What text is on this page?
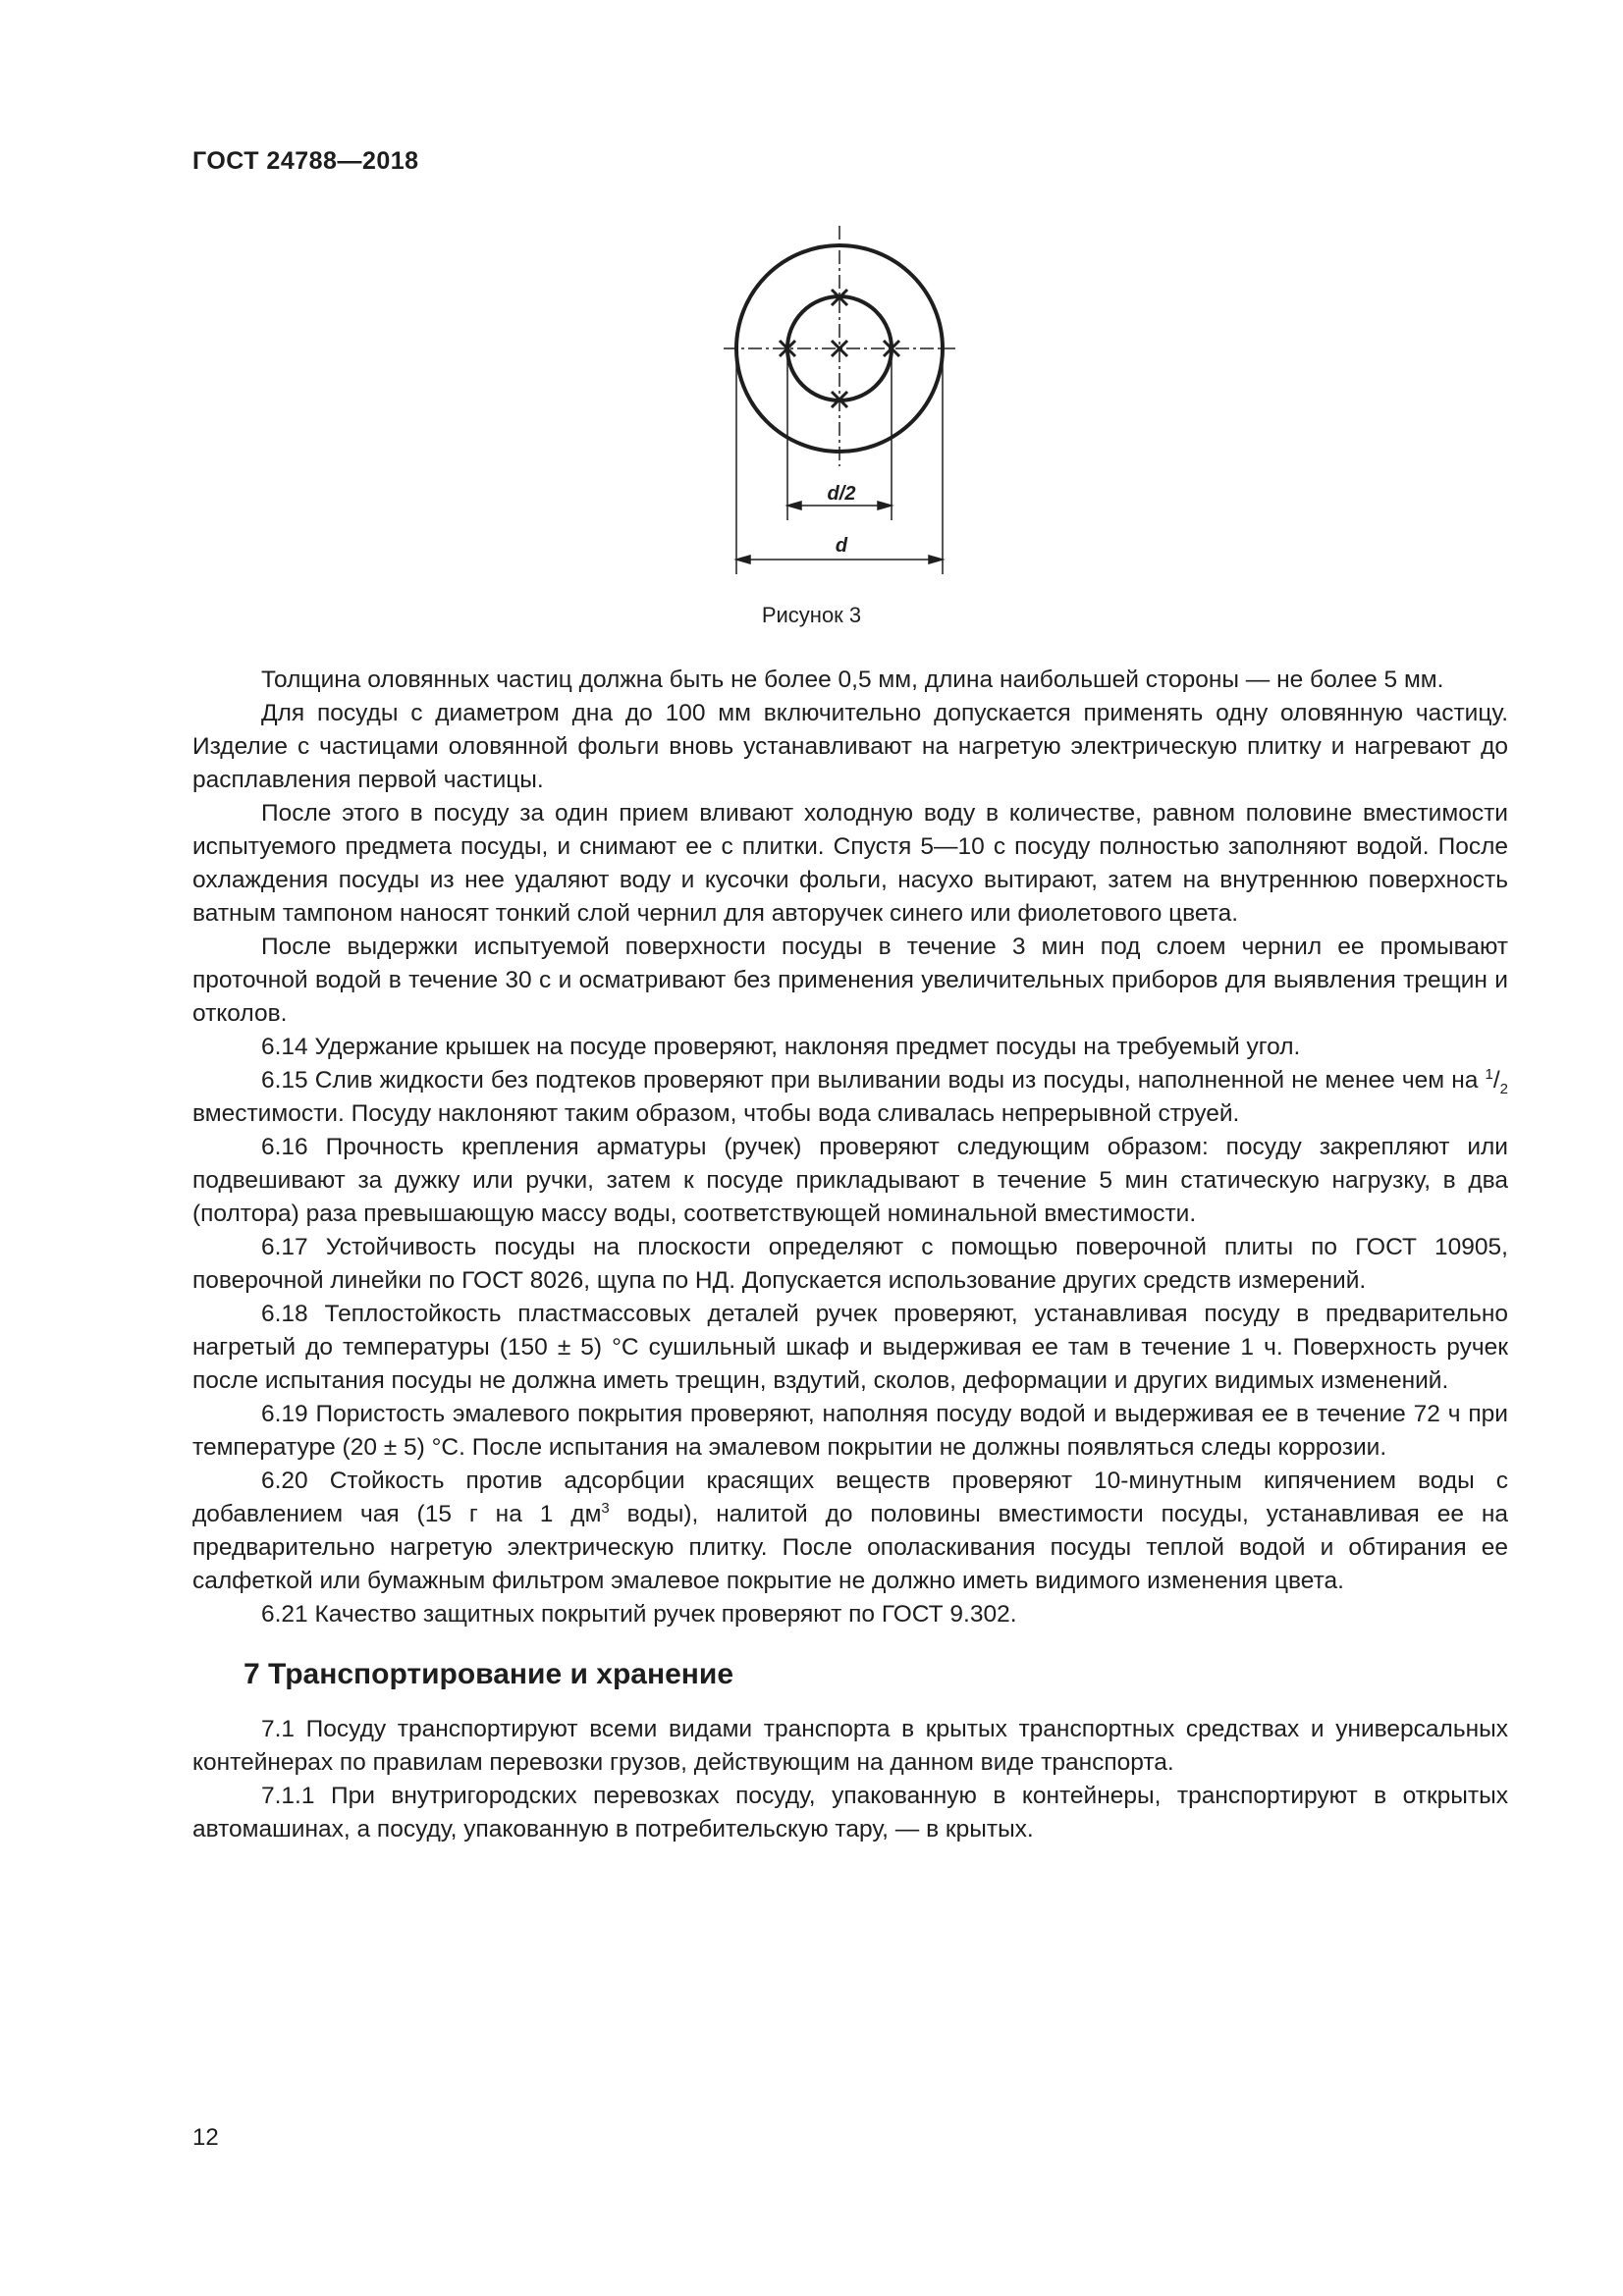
ГОСТ 24788—2018
d/2
d
Рисунок 3

Толщина оловянных частиц должна быть не более 0,5 мм, длина наибольшей стороны — не более 5 мм.

Для посуды с диаметром дна до 100 мм включительно допускается применять одну оловянную частицу. Изделие с частицами оловянной фольги вновь устанавливают на нагретую электрическую плитку и нагревают до расплавления первой частицы.

После этого в посуду за один прием вливают холодную воду в количестве, равном половине вместимости испытуемого предмета посуды, и снимают ее с плитки. Спустя 5—10 с посуду полностью заполняют водой. После охлаждения посуды из нее удаляют воду и кусочки фольги, насухо вытирают, затем на внутреннюю поверхность ватным тампоном наносят тонкий слой чернил для авторучек синего или фиолетового цвета.

После выдержки испытуемой поверхности посуды в течение 3 мин под слоем чернил ее промывают проточной водой в течение 30 с и осматривают без применения увеличительных приборов для выявления трещин и отколов.

6.14 Удержание крышек на посуде проверяют, наклоняя предмет посуды на требуемый угол.

6.15 Слив жидкости без подтеков проверяют при выливании воды из посуды, наполненной не менее чем на $^1/_2$ вместимости. Посуду наклоняют таким образом, чтобы вода сливалась непрерывной струей.

6.16 Прочность крепления арматуры (ручек) проверяют следующим образом: посуду закрепляют или подвешивают за дужку или ручки, затем к посуде прикладывают в течение 5 мин статическую нагрузку, в два (полтора) раза превышающую массу воды, соответствующей номинальной вместимости.

6.17 Устойчивость посуды на плоскости определяют с помощью поверочной плиты по ГОСТ 10905, поверочной линейки по ГОСТ 8026, щупа по НД. Допускается использование других средств измерений.

6.18 Теплостойкость пластмассовых деталей ручек проверяют, устанавливая посуду в предварительно нагретый до температуры (150 ± 5) °С сушильный шкаф и выдерживая ее там в течение 1 ч. Поверхность ручек после испытания посуды не должна иметь трещин, вздутий, сколов, деформации и других видимых изменений.

6.19 Пористость эмалевого покрытия проверяют, наполняя посуду водой и выдерживая ее в течение 72 ч при температуре (20 ± 5) °С. После испытания на эмалевом покрытии не должны появляться следы коррозии.

6.20 Стойкость против адсорбции красящих веществ проверяют 10-минутным кипячением воды с добавлением чая (15 г на 1 $дм^3$ воды), налитой до половины вместимости посуды, устанавливая ее на предварительно нагретую электрическую плитку. После ополаскивания посуды теплой водой и обтирания ее салфеткой или бумажным фильтром эмалевое покрытие не должно иметь видимого изменения цвета.

6.21 Качество защитных покрытий ручек проверяют по ГОСТ 9.302.

7 Транспортирование и хранение

7.1 Посуду транспортируют всеми видами транспорта в крытых транспортных средствах и универсальных контейнерах по правилам перевозки грузов, действующим на данном виде транспорта.

7.1.1 При внутригородских перевозках посуду, упакованную в контейнеры, транспортируют в открытых автомашинах, а посуду, упакованную в потребительскую тару, — в крытых.

12
